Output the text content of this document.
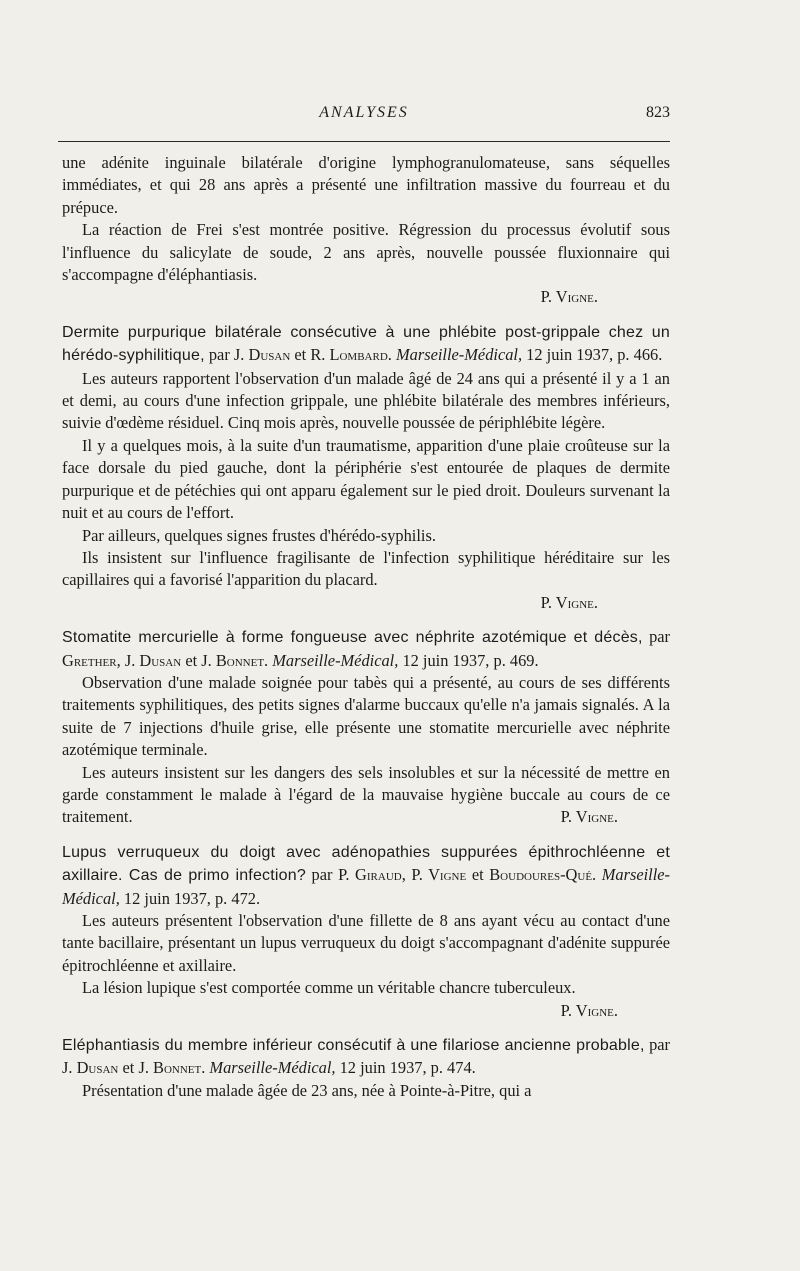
ANALYSES	823

une adénite inguinale bilatérale d'origine lymphogranulomateuse, sans séquelles immédiates, et qui 28 ans après a présenté une infiltration massive du fourreau et du prépuce.

La réaction de Frei s'est montrée positive. Régression du processus évolutif sous l'influence du salicylate de soude, 2 ans après, nouvelle poussée fluxionnaire qui s'accompagne d'éléphantiasis.

P. Vigne.

Dermite purpurique bilatérale consécutive à une phlébite post-grippale chez un hérédo-syphilitique, par J. Dusan et R. Lombard. Marseille-Médical, 12 juin 1937, p. 466.

Les auteurs rapportent l'observation d'un malade âgé de 24 ans qui a présenté il y a 1 an et demi, au cours d'une infection grippale, une phlébite bilatérale des membres inférieurs, suivie d'œdème résiduel. Cinq mois après, nouvelle poussée de périphlébite légère.

Il y a quelques mois, à la suite d'un traumatisme, apparition d'une plaie croûteuse sur la face dorsale du pied gauche, dont la périphérie s'est entourée de plaques de dermite purpurique et de pétéchies qui ont apparu également sur le pied droit. Douleurs survenant la nuit et au cours de l'effort.

Par ailleurs, quelques signes frustes d'hérédo-syphilis.

Ils insistent sur l'influence fragilisante de l'infection syphilitique héréditaire sur les capillaires qui a favorisé l'apparition du placard.

P. Vigne.

Stomatite mercurielle à forme fongueuse avec néphrite azotémique et décès, par Grether, J. Dusan et J. Bonnet. Marseille-Médical, 12 juin 1937, p. 469.

Observation d'une malade soignée pour tabès qui a présenté, au cours de ses différents traitements syphilitiques, des petits signes d'alarme buccaux qu'elle n'a jamais signalés. A la suite de 7 injections d'huile grise, elle présente une stomatite mercurielle avec néphrite azotémique terminale.

Les auteurs insistent sur les dangers des sels insolubles et sur la nécessité de mettre en garde constamment le malade à l'égard de la mauvaise hygiène buccale au cours de ce traitement.	P. Vigne.

Lupus verruqueux du doigt avec adénopathies suppurées épithrochléenne et axillaire. Cas de primo infection? par P. Giraud, P. Vigne et Boudoures-Qué. Marseille-Médical, 12 juin 1937, p. 472.

Les auteurs présentent l'observation d'une fillette de 8 ans ayant vécu au contact d'une tante bacillaire, présentant un lupus verruqueux du doigt s'accompagnant d'adénite suppurée épitrochléenne et axillaire.

La lésion lupique s'est comportée comme un véritable chancre tuberculeux.
P. Vigne.

Eléphantiasis du membre inférieur consécutif à une filariose ancienne probable, par J. Dusan et J. Bonnet. Marseille-Médical, 12 juin 1937, p. 474.

Présentation d'une malade âgée de 23 ans, née à Pointe-à-Pitre, qui a
